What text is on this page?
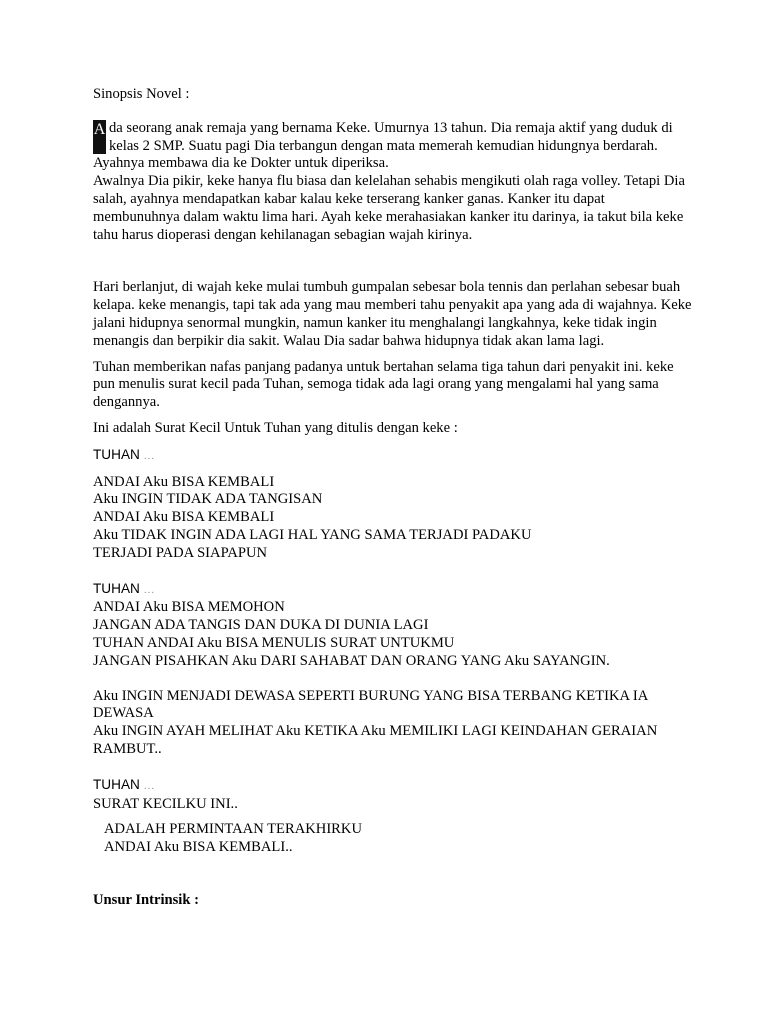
Sinopsis Novel :
A da seorang anak remaja yang bernama Keke. Umurnya 13 tahun. Dia remaja aktif yang duduk di
kelas 2 SMP. Suatu pagi Dia terbangun dengan mata memerah kemudian hidungnya berdarah.
Ayahnya membawa dia ke Dokter untuk diperiksa.
Awalnya Dia pikir, keke hanya flu biasa dan kelelahan sehabis mengikuti olah raga volley. Tetapi Dia
salah, ayahnya mendapatkan kabar kalau keke terserang kanker ganas. Kanker itu dapat
membunuhnya dalam waktu lima hari. Ayah keke merahasiakan kanker itu darinya, ia takut bila keke
tahu harus dioperasi dengan kehilanagan sebagian wajah kirinya.
Hari berlanjut, di wajah keke mulai tumbuh gumpalan sebesar bola tennis dan perlahan sebesar buah
kelapa. keke menangis, tapi tak ada yang mau memberi tahu penyakit apa yang ada di wajahnya. Keke
jalani hidupnya senormal mungkin, namun kanker itu menghalangi langkahnya, keke tidak ingin
menangis dan berpikir dia sakit. Walau Dia sadar bahwa hidupnya tidak akan lama lagi.
Tuhan memberikan nafas panjang padanya untuk bertahan selama tiga tahun dari penyakit ini. keke
pun menulis surat kecil pada Tuhan, semoga tidak ada lagi orang yang mengalami hal yang sama
dengannya.
Ini adalah Surat Kecil Untuk Tuhan yang ditulis dengan keke :
TUHAN …
ANDAI Aku BISA KEMBALI
Aku INGIN TIDAK ADA TANGISAN
ANDAI Aku BISA KEMBALI
Aku TIDAK INGIN ADA LAGI HAL YANG SAMA TERJADI PADAKU
TERJADI PADA SIAPAPUN
TUHAN …
ANDAI Aku BISA MEMOHON
JANGAN ADA TANGIS DAN DUKA DI DUNIA LAGI
TUHAN ANDAI Aku BISA MENULIS SURAT UNTUKMU
JANGAN PISAHKAN Aku DARI SAHABAT DAN ORANG YANG Aku SAYANGIN.
Aku INGIN MENJADI DEWASA SEPERTI BURUNG YANG BISA TERBANG KETIKA IA
DEWASA
Aku INGIN AYAH MELIHAT Aku KETIKA Aku MEMILIKI LAGI KEINDAHAN GERAIAN
RAMBUT..
TUHAN …
SURAT KECILKU INI..
ADALAH PERMINTAAN TERAKHIRKU
ANDAI Aku BISA KEMBALI..
Unsur Intrinsik :
